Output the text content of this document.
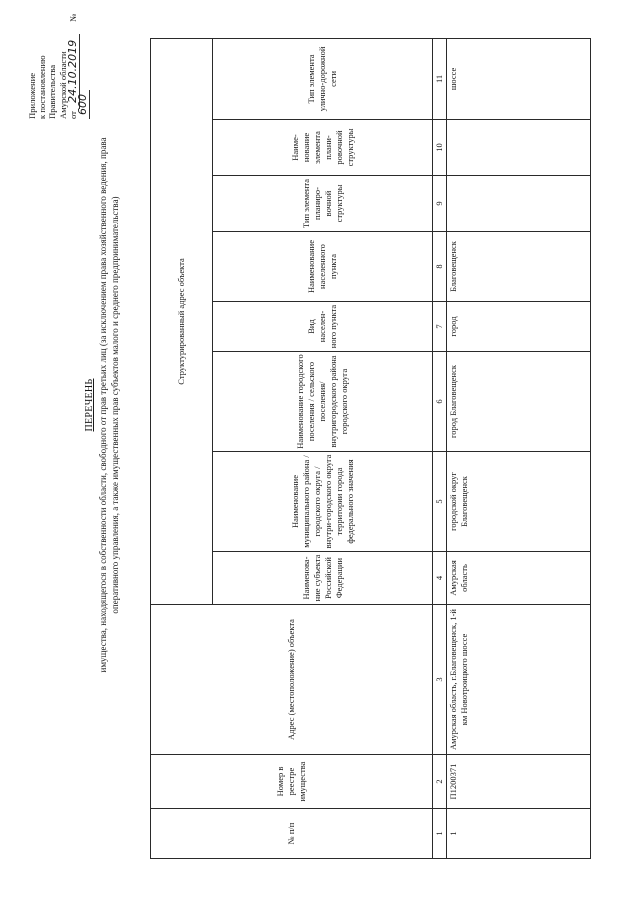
Приложение к постановлению Правительства Амурской области от 24.10.2019 № 600
ПЕРЕЧЕНЬ имущества, находящегося в собственности области, свободного от прав третьих лиц (за исключением права хозяйственного ведения, права оперативного управления, а также имущественных прав субъектов малого и среднего предпринимательства)
№ п/п	Номер в реестре имущества	Адрес (местоположение) объекта	Структурированный адрес объекта							
			Наименова-ние субъекта Российской Федерации	Наименование муниципального района / городского округа / внутри-городского округа территории города федерального значения	Наименование городского поселения / сельского поселения/ внутригородского района городского округа	Вид населен-ного пункта	Наименование населенного пункта	Тип элемента планиро-вочной структуры	Наиме-нование элемента плани-ровочной структуры	Тип элемента улично-дорожной сети
1	2	3	4	5	6	7	8	9	10	11
1	П1200371	Амурская область, г.Благовещенск, 1-й км Новотроицкого шоссе	Амурская область	городской округ Благовещенск	город Благовещенск	город	Благовещенск			шоссе
